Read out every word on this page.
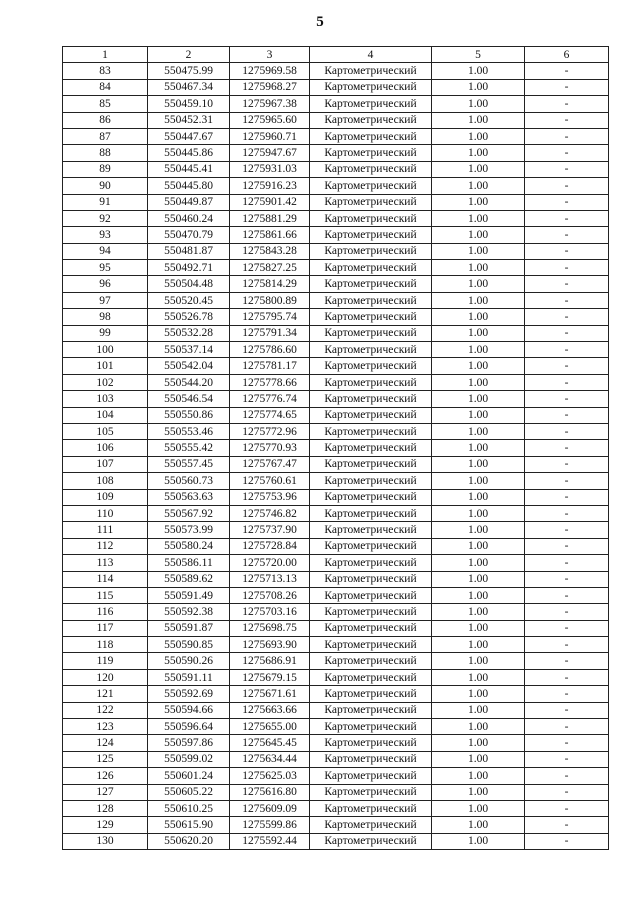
5
1	2	3	4	5	6
83	550475.99	1275969.58	Картометрический	1.00	-
84	550467.34	1275968.27	Картометрический	1.00	-
85	550459.10	1275967.38	Картометрический	1.00	-
86	550452.31	1275965.60	Картометрический	1.00	-
87	550447.67	1275960.71	Картометрический	1.00	-
88	550445.86	1275947.67	Картометрический	1.00	-
89	550445.41	1275931.03	Картометрический	1.00	-
90	550445.80	1275916.23	Картометрический	1.00	-
91	550449.87	1275901.42	Картометрический	1.00	-
92	550460.24	1275881.29	Картометрический	1.00	-
93	550470.79	1275861.66	Картометрический	1.00	-
94	550481.87	1275843.28	Картометрический	1.00	-
95	550492.71	1275827.25	Картометрический	1.00	-
96	550504.48	1275814.29	Картометрический	1.00	-
97	550520.45	1275800.89	Картометрический	1.00	-
98	550526.78	1275795.74	Картометрический	1.00	-
99	550532.28	1275791.34	Картометрический	1.00	-
100	550537.14	1275786.60	Картометрический	1.00	-
101	550542.04	1275781.17	Картометрический	1.00	-
102	550544.20	1275778.66	Картометрический	1.00	-
103	550546.54	1275776.74	Картометрический	1.00	-
104	550550.86	1275774.65	Картометрический	1.00	-
105	550553.46	1275772.96	Картометрический	1.00	-
106	550555.42	1275770.93	Картометрический	1.00	-
107	550557.45	1275767.47	Картометрический	1.00	-
108	550560.73	1275760.61	Картометрический	1.00	-
109	550563.63	1275753.96	Картометрический	1.00	-
110	550567.92	1275746.82	Картометрический	1.00	-
111	550573.99	1275737.90	Картометрический	1.00	-
112	550580.24	1275728.84	Картометрический	1.00	-
113	550586.11	1275720.00	Картометрический	1.00	-
114	550589.62	1275713.13	Картометрический	1.00	-
115	550591.49	1275708.26	Картометрический	1.00	-
116	550592.38	1275703.16	Картометрический	1.00	-
117	550591.87	1275698.75	Картометрический	1.00	-
118	550590.85	1275693.90	Картометрический	1.00	-
119	550590.26	1275686.91	Картометрический	1.00	-
120	550591.11	1275679.15	Картометрический	1.00	-
121	550592.69	1275671.61	Картометрический	1.00	-
122	550594.66	1275663.66	Картометрический	1.00	-
123	550596.64	1275655.00	Картометрический	1.00	-
124	550597.86	1275645.45	Картометрический	1.00	-
125	550599.02	1275634.44	Картометрический	1.00	-
126	550601.24	1275625.03	Картометрический	1.00	-
127	550605.22	1275616.80	Картометрический	1.00	-
128	550610.25	1275609.09	Картометрический	1.00	-
129	550615.90	1275599.86	Картометрический	1.00	-
130	550620.20	1275592.44	Картометрический	1.00	-
